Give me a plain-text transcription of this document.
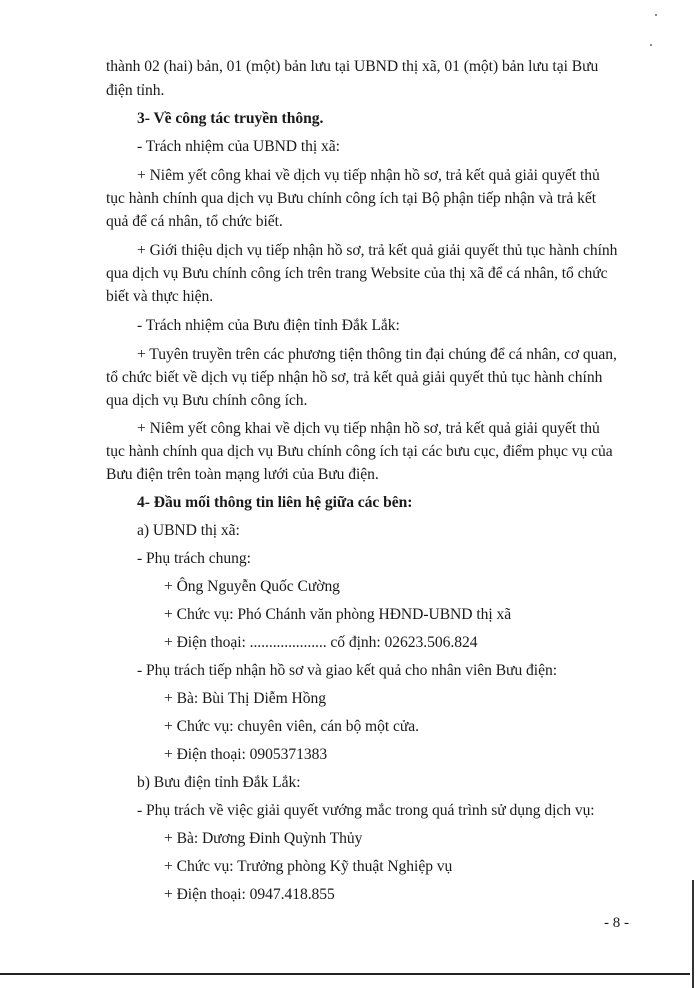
thành 02 (hai) bản, 01 (một) bản lưu tại UBND thị xã, 01 (một) bản lưu tại Bưu
điện tỉnh.
3- Về công tác truyền thông.
- Trách nhiệm của UBND thị xã:
+ Niêm yết công khai về dịch vụ tiếp nhận hồ sơ, trả kết quả giải quyết thủ
tục hành chính qua dịch vụ Bưu chính công ích tại Bộ phận tiếp nhận và trả kết
quả để cá nhân, tổ chức biết.
+ Giới thiệu dịch vụ tiếp nhận hồ sơ, trả kết quả giải quyết thủ tục hành chính
qua dịch vụ Bưu chính công ích trên trang Website của thị xã để cá nhân, tổ chức
biết và thực hiện.
- Trách nhiệm của Bưu điện tỉnh Đắk Lắk:
+ Tuyên truyền trên các phương tiện thông tin đại chúng để cá nhân, cơ quan,
tổ chức biết về dịch vụ tiếp nhận hồ sơ, trả kết quả giải quyết thủ tục hành chính
qua dịch vụ Bưu chính công ích.
+ Niêm yết công khai về dịch vụ tiếp nhận hồ sơ, trả kết quả giải quyết thủ
tục hành chính qua dịch vụ Bưu chính công ích tại các bưu cục, điểm phục vụ của
Bưu điện trên toàn mạng lưới của Bưu điện.
4- Đầu mối thông tin liên hệ giữa các bên:
a) UBND thị xã:
- Phụ trách chung:
+ Ông Nguyễn Quốc Cường
+ Chức vụ: Phó Chánh văn phòng HĐND-UBND thị xã
+ Điện thoại: .................... cố định: 02623.506.824
- Phụ trách tiếp nhận hồ sơ và giao kết quả cho nhân viên Bưu điện:
+ Bà: Bùi Thị Diễm Hồng
+ Chức vụ: chuyên viên, cán bộ một cửa.
+ Điện thoại: 0905371383
b) Bưu điện tỉnh Đắk Lắk:
- Phụ trách về việc giải quyết vướng mắc trong quá trình sử dụng dịch vụ:
+ Bà: Dương Đinh Quỳnh Thủy
+ Chức vụ: Trưởng phòng Kỹ thuật Nghiệp vụ
+ Điện thoại: 0947.418.855
- 8 -
